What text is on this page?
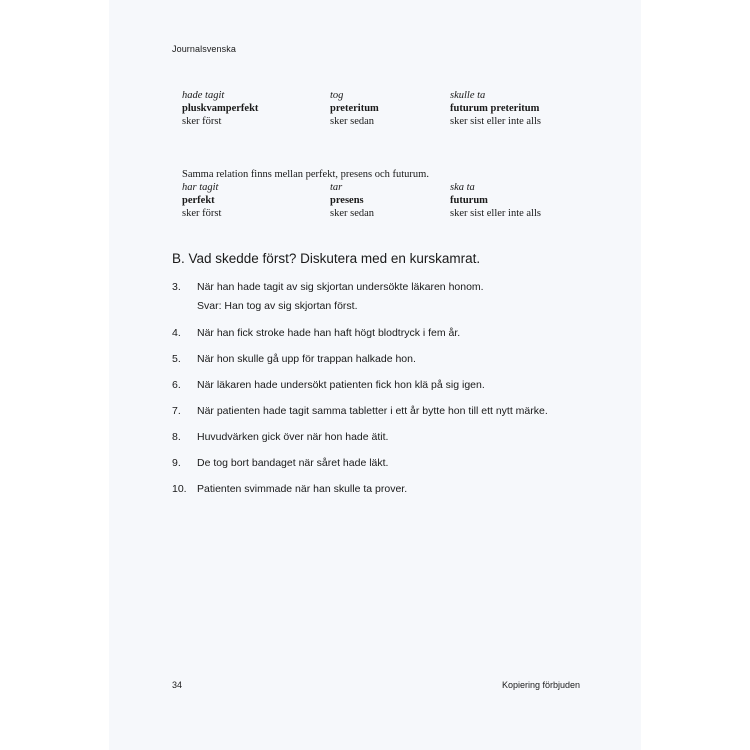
Journalsvenska
hade tagit	tog	skulle ta
pluskvamperfekt	preteritum	futurum preteritum
sker först	sker sedan	sker sist eller inte alls
Samma relation finns mellan perfekt, presens och futurum.
har tagit	tar	ska ta
perfekt	presens	futurum
sker först	sker sedan	sker sist eller inte alls
B. Vad skedde först? Diskutera med en kurskamrat.
3.	När han hade tagit av sig skjortan undersökte läkaren honom.
Svar: Han tog av sig skjortan först.
4.	När han fick stroke hade han haft högt blodtryck i fem år.
5.	När hon skulle gå upp för trappan halkade hon.
6.	När läkaren hade undersökt patienten fick hon klä på sig igen.
7.	När patienten hade tagit samma tabletter i ett år bytte hon till ett nytt märke.
8.	Huvudvärken gick över när hon hade ätit.
9.	De tog bort bandaget när såret hade läkt.
10. Patienten svimmade när han skulle ta prover.
34	Kopiering förbjuden
